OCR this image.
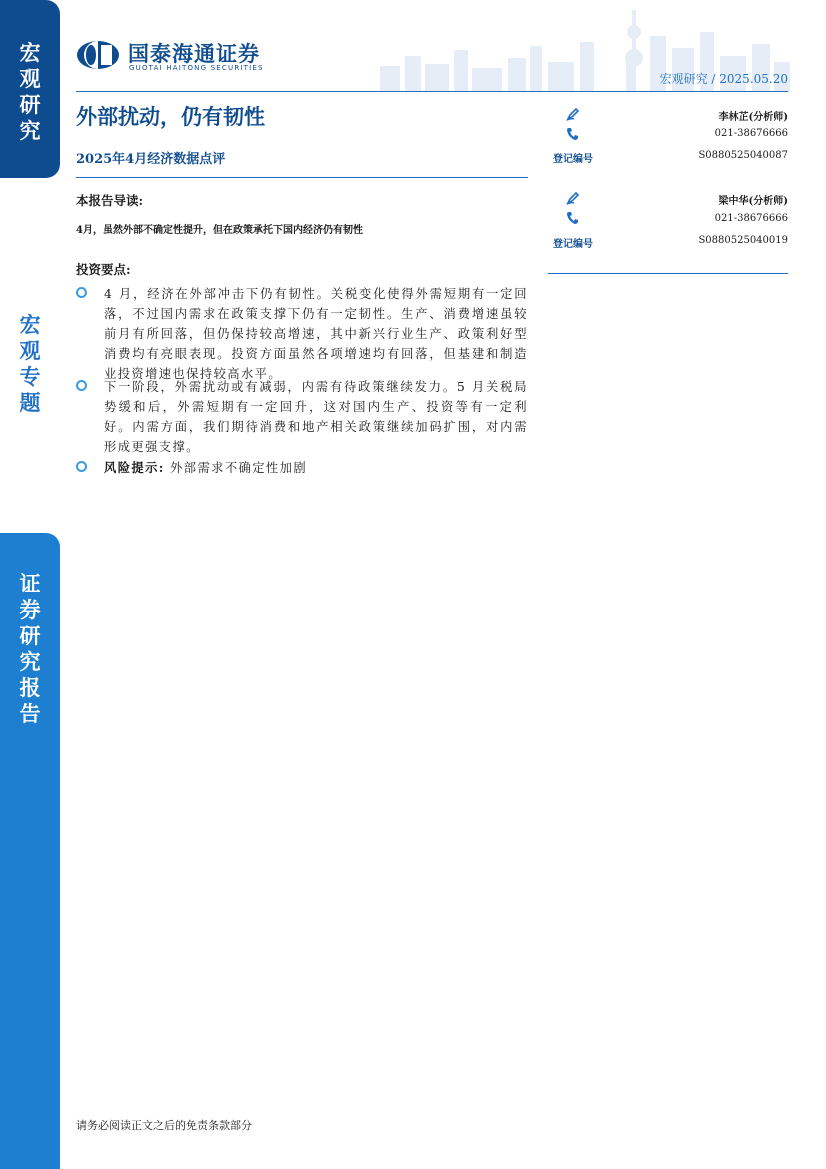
宏观研究
宏观专题
证券研究报告
国泰海通证券
GUOTAI HAITONG SECURITIES
宏观研究 / 2025.05.20
外部扰动，仍有韧性
2025年4月经济数据点评
本报告导读:
4月，虽然外部不确定性提升，但在政策承托下国内经济仍有韧性
投资要点:
4 月，经济在外部冲击下仍有韧性。关税变化使得外需短期有一定回落，不过国内需求在政策支撑下仍有一定韧性。生产、消费增速虽较前月有所回落，但仍保持较高增速，其中新兴行业生产、政策利好型消费均有亮眼表现。投资方面虽然各项增速均有回落，但基建和制造业投资增速也保持较高水平。
下一阶段，外需扰动或有减弱，内需有待政策继续发力。5 月关税局势缓和后，外需短期有一定回升，这对国内生产、投资等有一定利好。内需方面，我们期待消费和地产相关政策继续加码扩围，对内需形成更强支撑。
风险提示: 外部需求不确定性加剧
李林芷(分析师)
021-38676666
登记编号	S0880525040087
梁中华(分析师)
021-38676666
登记编号	S0880525040019
请务必阅读正文之后的免责条款部分
